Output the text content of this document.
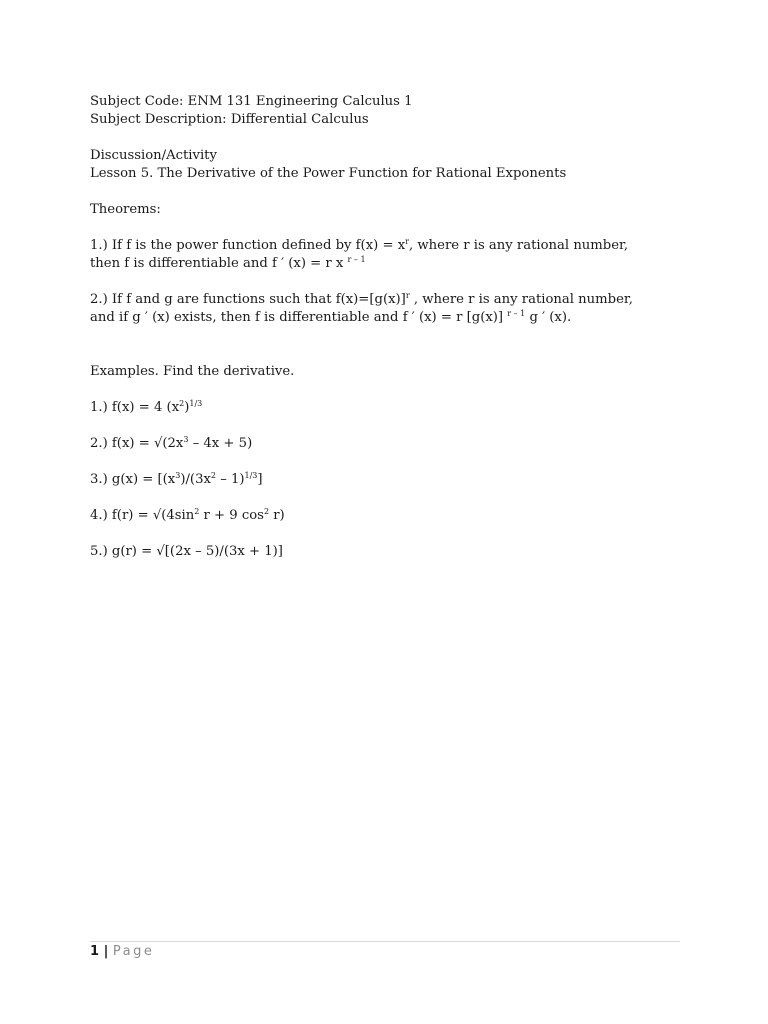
Subject Code: ENM 131 Engineering Calculus 1
Subject Description: Differential Calculus
Discussion/Activity
Lesson 5. The Derivative of the Power Function for Rational Exponents
Theorems:
1.) If f is the power function defined by $f(x) = x^r$, where r is any rational number, then f is differentiable and f ′ (x) = r x $^{r - 1}$
2.) If f and g are functions such that $f(x)=[g(x)]^r$ , where r is any rational number, and if g ′ (x) exists, then f is differentiable and f ′ (x) = r [g(x)] $^{r - 1}$ g ′ (x).
Examples. Find the derivative.
1.) f(x) = 4 $(x^2)^{1/3}$
2.) $f(x) = √(2x^3 - 4x + 5)$
3.) $g(x) = [(x^3)/(3x^2 - 1)^{1/3}]$
4.) $f(r) = √(4\sin^2$ r + 9 $\cos^2 r$)
5.) g(r) = √[(2x – 5)/(3x + 1)]
1 | Page
